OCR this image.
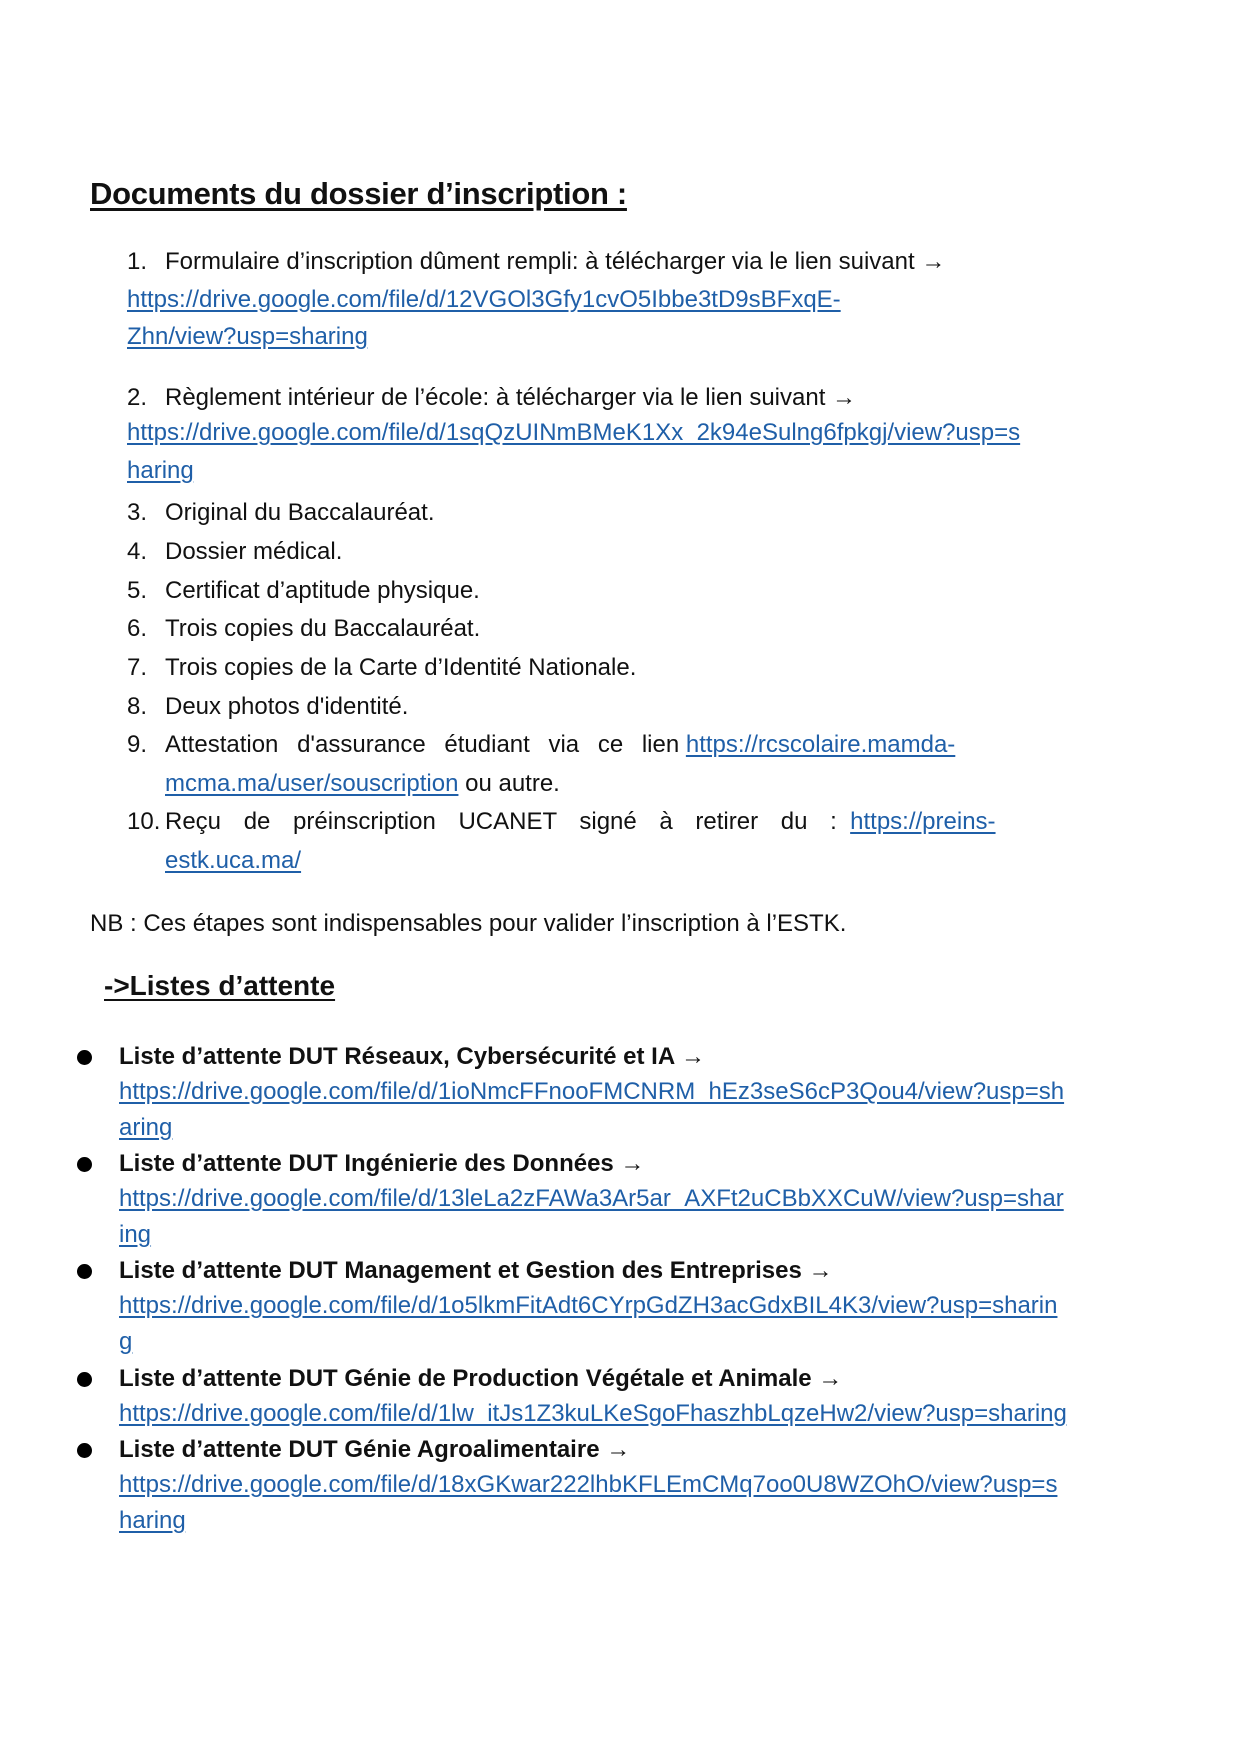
Documents du dossier d’inscription :
1. Formulaire d’inscription dûment rempli: à télécharger via le lien suivant →
https://drive.google.com/file/d/12VGOl3Gfy1cvO5Ibbe3tD9sBFxqE-
Zhn/view?usp=sharing
2. Règlement intérieur de l’école: à télécharger via le lien suivant →
https://drive.google.com/file/d/1sqQzUINmBMeK1Xx_2k94eSulng6fpkgj/view?usp=s
haring
3. Original du Baccalauréat.
4. Dossier médical.
5. Certificat d’aptitude physique.
6. Trois copies du Baccalauréat.
7. Trois copies de la Carte d’Identité Nationale.
8. Deux photos d'identité.
9. Attestation d'assurance étudiant via ce lien https://rcscolaire.mamda-
mcma.ma/user/souscription ou autre.
10. Reçu de préinscription UCANET signé à retirer du : https://preins-
estk.uca.ma/
NB : Ces étapes sont indispensables pour valider l’inscription à l’ESTK.
->Listes d’attente
Liste d’attente DUT Réseaux, Cybersécurité et IA →
https://drive.google.com/file/d/1ioNmcFFnooFMCNRM_hEz3seS6cP3Qou4/view?usp=sh
aring
Liste d’attente DUT Ingénierie des Données →
https://drive.google.com/file/d/13leLa2zFAWa3Ar5ar_AXFt2uCBbXXCuW/view?usp=shar
ing
Liste d’attente DUT Management et Gestion des Entreprises →
https://drive.google.com/file/d/1o5lkmFitAdt6CYrpGdZH3acGdxBIL4K3/view?usp=sharin
g
Liste d’attente DUT Génie de Production Végétale et Animale →
https://drive.google.com/file/d/1lw_itJs1Z3kuLKeSgoFhaszhbLqzeHw2/view?usp=sharing
Liste d’attente DUT Génie Agroalimentaire →
https://drive.google.com/file/d/18xGKwar222lhbKFLEmCMq7oo0U8WZOhO/view?usp=s
haring
